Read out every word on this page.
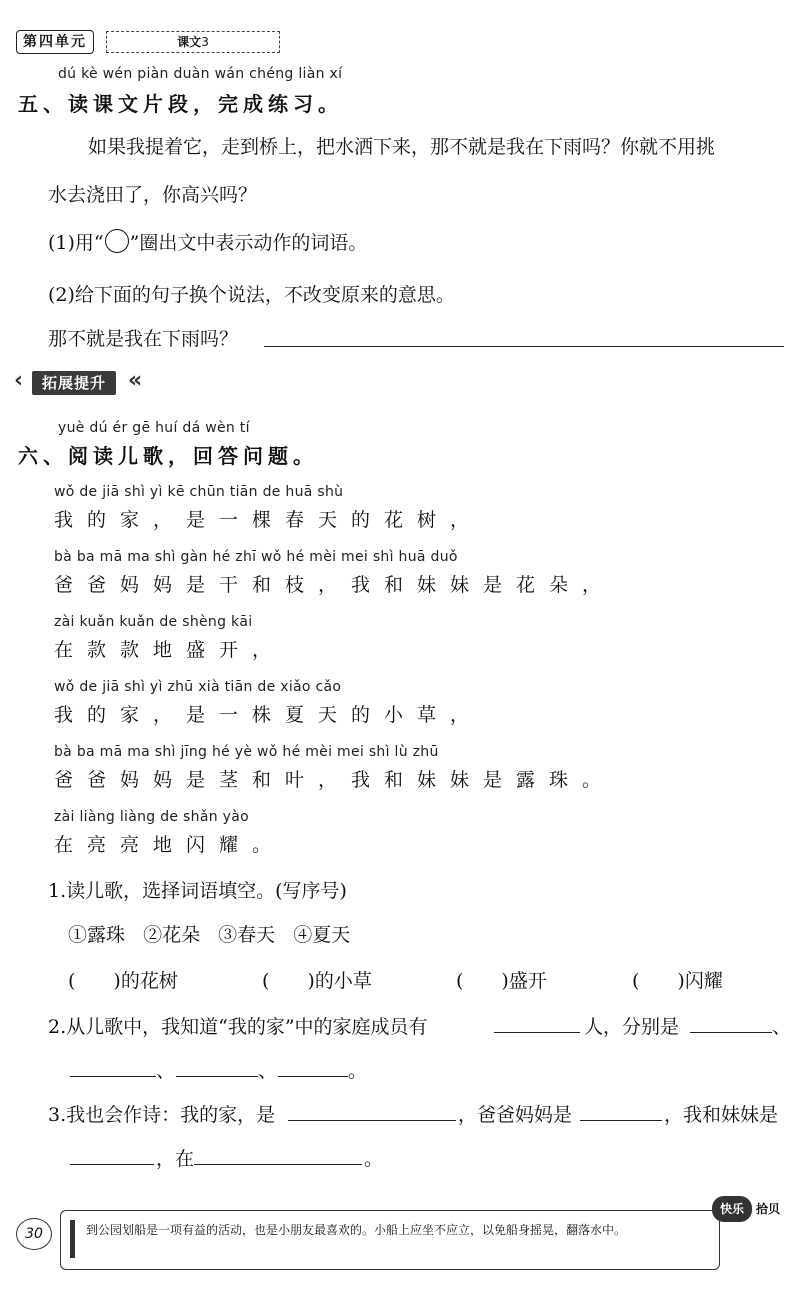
第四单元	课文3
dú kè wén piàn duàn wán chéng liàn xí
五、读课文片段，完成练习。
如果我提着它，走到桥上，把水洒下来，那不就是我在下雨吗？你就不用挑
水去浇田了，你高兴吗？
(1)用“ ”圈出文中表示动作的词语。
(2)给下面的句子换个说法，不改变原来的意思。
那不就是我在下雨吗？
‹	拓展提升 «
yuè dú ér gē huí dá wèn tí
六、阅读儿歌，回答问题。
wǒ de jiā shì yì kē chūn tiān de huā shù
我的家，是一棵春天的花树，
bà ba mā ma shì gàn hé zhī wǒ hé mèi mei shì huā duǒ
爸爸妈妈是干和枝，我和妹妹是花朵，
zài kuǎn kuǎn de shèng kāi
在款款地盛开，
wǒ de jiā shì yì zhū xià tiān de xiǎo cǎo
我的家，是一株夏天的小草，
bà ba mā ma shì jīng hé yè wǒ hé mèi mei shì lù zhū
爸爸妈妈是茎和叶，我和妹妹是露珠。
zài liàng liàng de shǎn yào
在亮亮地闪耀。
1.读儿歌，选择词语填空。(写序号)
①露珠 ②花朵 ③春天 ④夏天
(　　)的花树	(　　)的小草	(　　)盛开	(　　)闪耀
2.从儿歌中，我知道“我的家”中的家庭成员有	人，分别是	、
、	、	。
3.我也会作诗：我的家，是	，爸爸妈妈是	，我和妹妹是
，在	。
30	到公园划船是一项有益的活动，也是小朋友最喜欢的。小船上应坐不应立，以免船身摇晃，翻落水中。
快乐	拾贝
